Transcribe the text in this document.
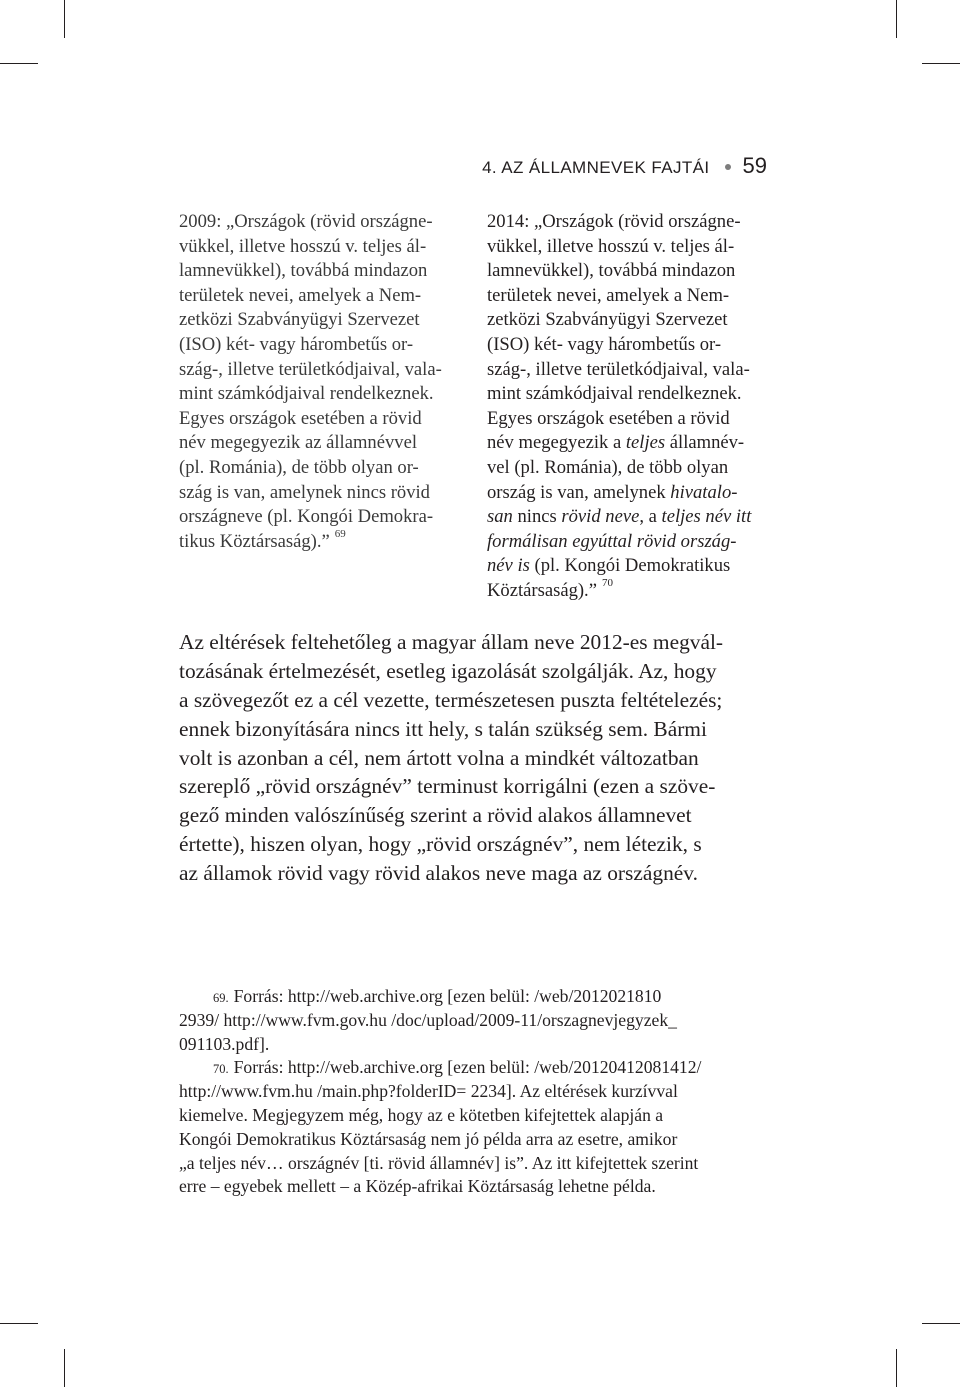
4. AZ ÁLLAMNEVEK FAJTÁI 59
2009: „Országok (rövid országne-
vükkel, illetve hosszú v. teljes ál-
lamnevükkel), továbbá mindazon
területek nevei, amelyek a Nem-
zetközi Szabványügyi Szervezet
(ISO) két- vagy hárombetűs or-
szág-, illetve területkódjaival, vala-
mint számkódjaival rendelkeznek.
Egyes országok esetében a rövid
név megegyezik az államnévvel
(pl. Románia), de több olyan or-
szág is van, amelynek nincs rövid
országneve (pl. Kongói Demokra-
tikus Köztársaság).” 69
2014: „Országok (rövid országne-
vükkel, illetve hosszú v. teljes ál-
lamnevükkel), továbbá mindazon
területek nevei, amelyek a Nem-
zetközi Szabványügyi Szervezet
(ISO) két- vagy hárombetűs or-
szág-, illetve területkódjaival, vala-
mint számkódjaival rendelkeznek.
Egyes országok esetében a rövid
név megegyezik a teljes államnév-
vel (pl. Románia), de több olyan
ország is van, amelynek hivatalo-
san nincs rövid neve, a teljes név itt
formálisan egyúttal rövid ország-
név is (pl. Kongói Demokratikus
Köztársaság).” 70
Az eltérések feltehetőleg a magyar állam neve 2012-es megvál-
tozásának értelmezését, esetleg igazolását szolgálják. Az, hogy
a szövegezőt ez a cél vezette, természetesen puszta feltételezés;
ennek bizonyítására nincs itt hely, s talán szükség sem. Bármi
volt is azonban a cél, nem ártott volna a mindkét változatban
szereplő „rövid országnév” terminust korrigálni (ezen a szöve-
gező minden valószínűség szerint a rövid alakos államnevet
értette), hiszen olyan, hogy „rövid országnév”, nem létezik, s
az államok rövid vagy rövid alakos neve maga az országnév.
69. Forrás: http://web.archive.org [ezen belül: /web/2012021810
2939/ http://www.fvm.gov.hu /doc/upload/2009-11/orszagnevjegyzek_
091103.pdf].
70. Forrás: http://web.archive.org [ezen belül: /web/20120412081412/
http://www.fvm.hu /main.php?folderID= 2234]. Az eltérések kurzívval
kiemelve. Megjegyzem még, hogy az e kötetben kifejtettek alapján a
Kongói Demokratikus Köztársaság nem jó példa arra az esetre, amikor
„a teljes név… országnév [ti. rövid államnév] is”. Az itt kifejtettek szerint
erre – egyebek mellett – a Közép-afrikai Köztársaság lehetne példa.
